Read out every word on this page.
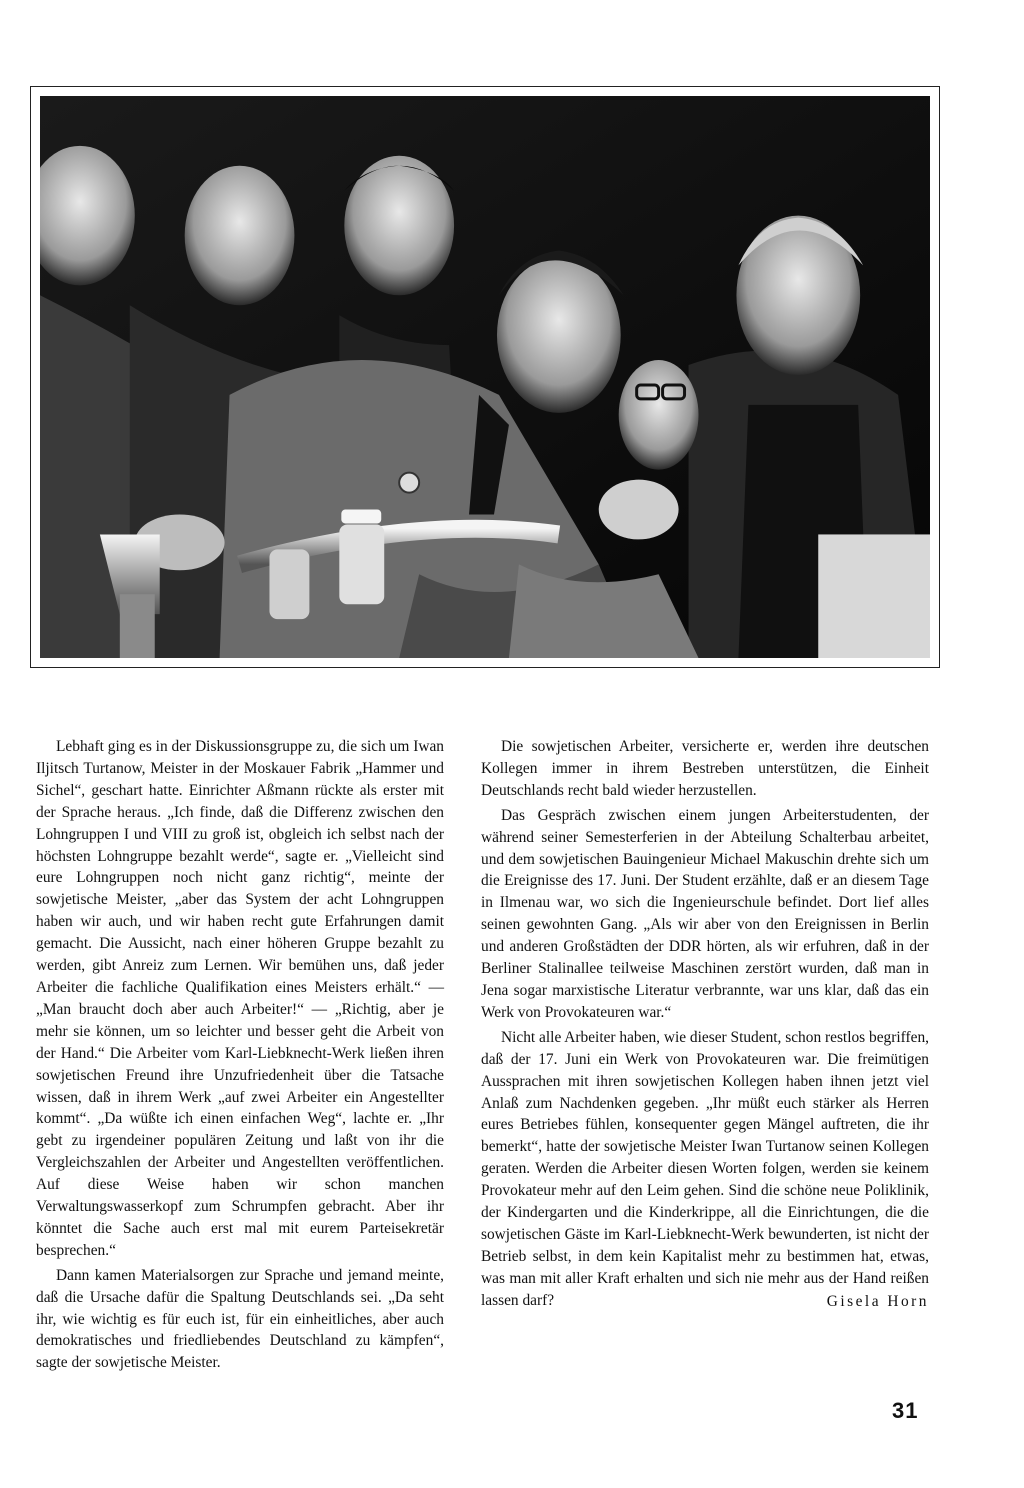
Lebhaft ging es in der Diskussionsgruppe zu, die sich um Iwan Iljitsch Turtanow, Meister in der Moskauer Fabrik „Hammer und Sichel“, geschart hatte. Einrichter Aßmann rückte als erster mit der Sprache heraus. „Ich finde, daß die Differenz zwischen den Lohngruppen I und VIII zu groß ist, obgleich ich selbst nach der höchsten Lohngruppe bezahlt werde“, sagte er. „Vielleicht sind eure Lohngruppen noch nicht ganz richtig“, meinte der sowjetische Meister, „aber das System der acht Lohngruppen haben wir auch, und wir haben recht gute Erfahrungen damit gemacht. Die Aussicht, nach einer höheren Gruppe bezahlt zu werden, gibt Anreiz zum Lernen. Wir bemühen uns, daß jeder Arbeiter die fachliche Qualifikation eines Meisters erhält.“ — „Man braucht doch aber auch Arbeiter!“ — „Richtig, aber je mehr sie können, um so leichter und besser geht die Arbeit von der Hand.“ Die Arbeiter vom Karl-Liebknecht-Werk ließen ihren sowjetischen Freund ihre Unzufriedenheit über die Tatsache wissen, daß in ihrem Werk „auf zwei Arbeiter ein Angestellter kommt“. „Da wüßte ich einen einfachen Weg“, lachte er. „Ihr gebt zu irgendeiner populären Zeitung und laßt von ihr die Vergleichszahlen der Arbeiter und Angestellten veröffentlichen. Auf diese Weise haben wir schon manchen Verwaltungswasserkopf zum Schrumpfen gebracht. Aber ihr könntet die Sache auch erst mal mit eurem Parteisekretär besprechen.“

Dann kamen Materialsorgen zur Sprache und jemand meinte, daß die Ursache dafür die Spaltung Deutschlands sei. „Da seht ihr, wie wichtig es für euch ist, für ein einheitliches, aber auch demokratisches und friedliebendes Deutschland zu kämpfen“, sagte der sowjetische Meister.

Die sowjetischen Arbeiter, versicherte er, werden ihre deutschen Kollegen immer in ihrem Bestreben unterstützen, die Einheit Deutschlands recht bald wieder herzustellen.

Das Gespräch zwischen einem jungen Arbeiterstudenten, der während seiner Semesterferien in der Abteilung Schalterbau arbeitet, und dem sowjetischen Bauingenieur Michael Makuschin drehte sich um die Ereignisse des 17. Juni. Der Student erzählte, daß er an diesem Tage in Ilmenau war, wo sich die Ingenieurschule befindet. Dort lief alles seinen gewohnten Gang. „Als wir aber von den Ereignissen in Berlin und anderen Großstädten der DDR hörten, als wir erfuhren, daß in der Berliner Stalinallee teilweise Maschinen zerstört wurden, daß man in Jena sogar marxistische Literatur verbrannte, war uns klar, daß das ein Werk von Provokateuren war.“

Nicht alle Arbeiter haben, wie dieser Student, schon restlos begriffen, daß der 17. Juni ein Werk von Provokateuren war. Die freimütigen Aussprachen mit ihren sowjetischen Kollegen haben ihnen jetzt viel Anlaß zum Nachdenken gegeben. „Ihr müßt euch stärker als Herren eures Betriebes fühlen, konsequenter gegen Mängel auftreten, die ihr bemerkt“, hatte der sowjetische Meister Iwan Turtanow seinen Kollegen geraten. Werden die Arbeiter diesen Worten folgen, werden sie keinem Provokateur mehr auf den Leim gehen. Sind die schöne neue Poliklinik, der Kindergarten und die Kinderkrippe, all die Einrichtungen, die die sowjetischen Gäste im Karl-Liebknecht-Werk bewunderten, ist nicht der Betrieb selbst, in dem kein Kapitalist mehr zu bestimmen hat, etwas, was man mit aller Kraft erhalten und sich nie mehr aus der Hand reißen lassen darf?	Gisela Horn
31
